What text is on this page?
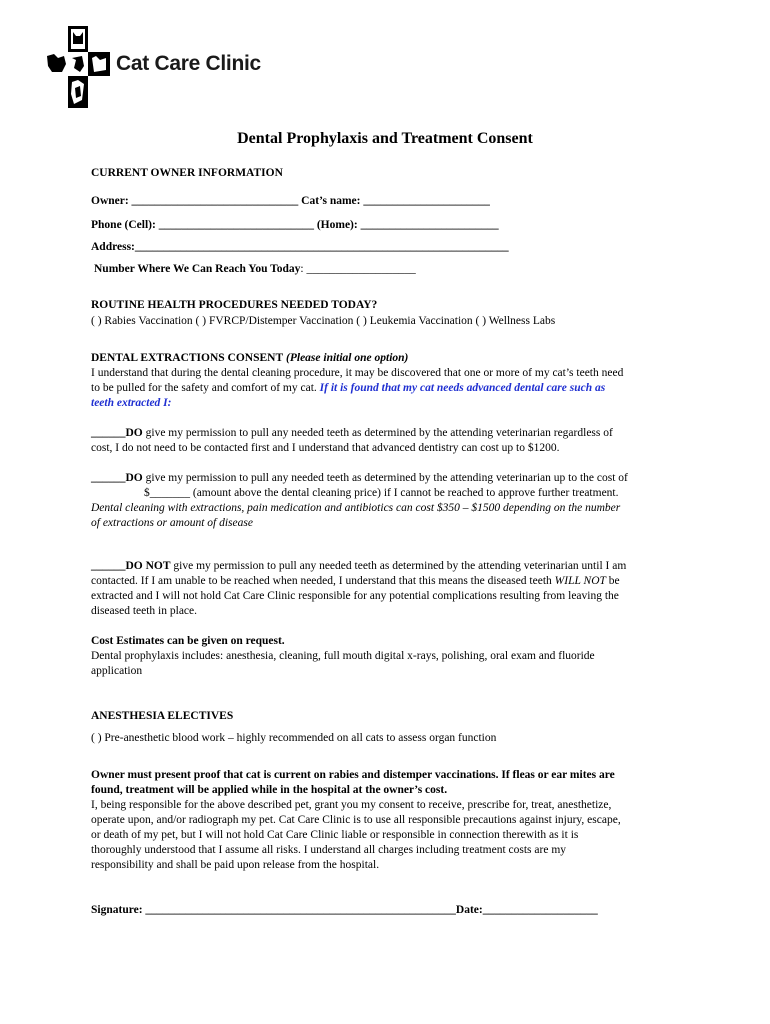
Cat Care Clinic
Dental Prophylaxis and Treatment Consent
CURRENT OWNER INFORMATION
Owner: _____________________________ Cat’s name: ______________________
Phone (Cell): ___________________________ (Home): ________________________
Address:_________________________________________________________________
Number Where We Can Reach You Today: ___________________
ROUTINE HEALTH PROCEDURES NEEDED TODAY?
( ) Rabies Vaccination ( ) FVRCP/Distemper Vaccination ( ) Leukemia Vaccination ( ) Wellness Labs
DENTAL EXTRACTIONS CONSENT (Please initial one option)
I understand that during the dental cleaning procedure, it may be discovered that one or more of my cat’s teeth need
to be pulled for the safety and comfort of my cat. If it is found that my cat needs advanced dental care such as
teeth extracted I:
______DO give my permission to pull any needed teeth as determined by the attending veterinarian regardless of
cost, I do not need to be contacted first and I understand that advanced dentistry can cost up to $1200.
______DO give my permission to pull any needed teeth as determined by the attending veterinarian up to the cost of
$_______ (amount above the dental cleaning price) if I cannot be reached to approve further treatment.
Dental cleaning with extractions, pain medication and antibiotics can cost $350 – $1500 depending on the number
of extractions or amount of disease
______DO NOT give my permission to pull any needed teeth as determined by the attending veterinarian until I am
contacted. If I am unable to be reached when needed, I understand that this means the diseased teeth WILL NOT be
extracted and I will not hold Cat Care Clinic responsible for any potential complications resulting from leaving the
diseased teeth in place.
Cost Estimates can be given on request.
Dental prophylaxis includes: anesthesia, cleaning, full mouth digital x-rays, polishing, oral exam and fluoride
application
ANESTHESIA ELECTIVES
( ) Pre-anesthetic blood work – highly recommended on all cats to assess organ function
Owner must present proof that cat is current on rabies and distemper vaccinations. If fleas or ear mites are
found, treatment will be applied while in the hospital at the owner’s cost.
I, being responsible for the above described pet, grant you my consent to receive, prescribe for, treat, anesthetize,
operate upon, and/or radiograph my pet. Cat Care Clinic is to use all responsible precautions against injury, escape,
or death of my pet, but I will not hold Cat Care Clinic liable or responsible in connection therewith as it is
thoroughly understood that I assume all risks. I understand all charges including treatment costs are my
responsibility and shall be paid upon release from the hospital.
Signature: ______________________________________________________Date:____________________
